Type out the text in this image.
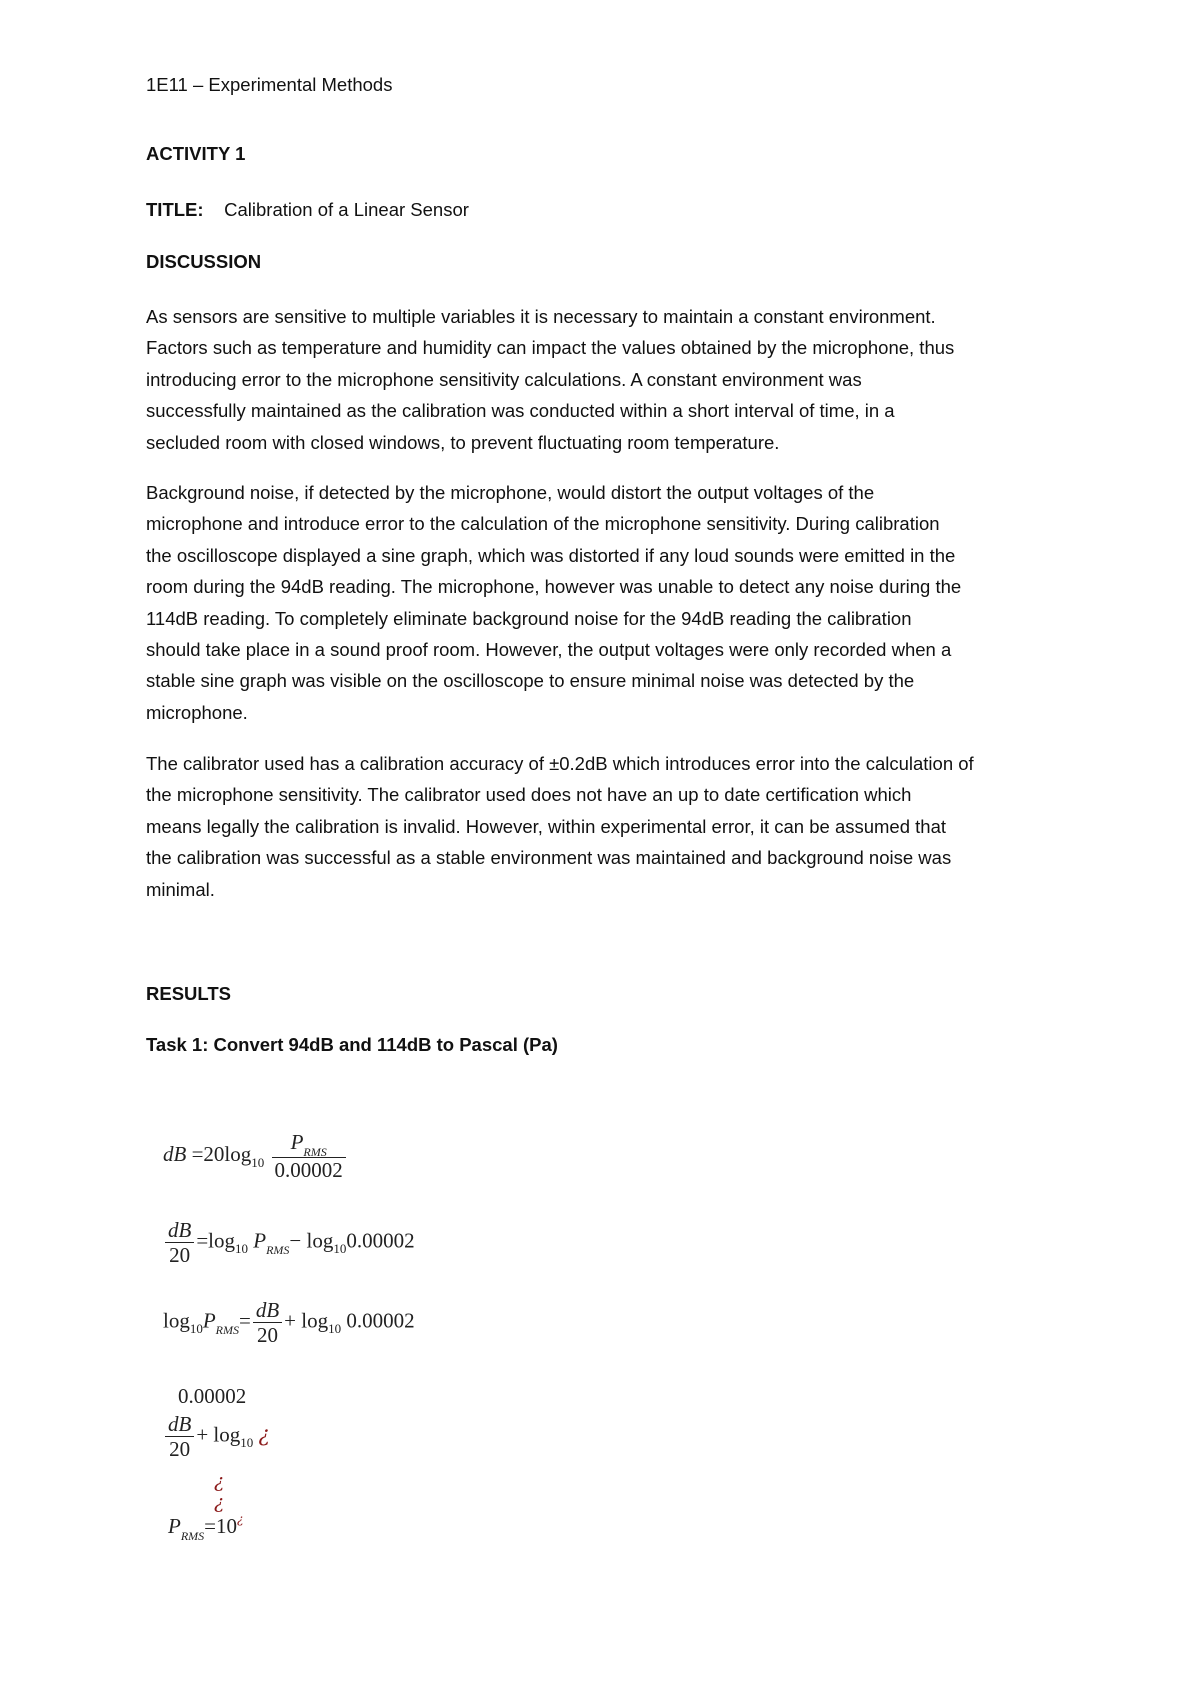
1E11 – Experimental Methods
ACTIVITY 1
TITLE: Calibration of a Linear Sensor
DISCUSSION
As sensors are sensitive to multiple variables it is necessary to maintain a constant environment.
Factors such as temperature and humidity can impact the values obtained by the microphone, thus
introducing error to the microphone sensitivity calculations. A constant environment was
successfully maintained as the calibration was conducted within a short interval of time, in a
secluded room with closed windows, to prevent fluctuating room temperature.
Background noise, if detected by the microphone, would distort the output voltages of the
microphone and introduce error to the calculation of the microphone sensitivity. During calibration
the oscilloscope displayed a sine graph, which was distorted if any loud sounds were emitted in the
room during the 94dB reading. The microphone, however was unable to detect any noise during the
114dB reading. To completely eliminate background noise for the 94dB reading the calibration
should take place in a sound proof room. However, the output voltages were only recorded when a
stable sine graph was visible on the oscilloscope to ensure minimal noise was detected by the
microphone.
The calibrator used has a calibration accuracy of ±0.2dB which introduces error into the calculation of
the microphone sensitivity. The calibrator used does not have an up to date certification which
means legally the calibration is invalid. However, within experimental error, it can be assumed that
the calibration was successful as a stable environment was maintained and background noise was
minimal.
RESULTS
Task 1: Convert 94dB and 114dB to Pascal (Pa)
dB $=20\log_{10} \frac{P_{RMS}}{0.00002}$
$\frac{dB}{20} =\log_{10}$ $P_{RMS}- \log_{10}0.00002$
$\log_{10}P_{RMS}= \frac{dB}{20} + \log_{10} 0.00002$
0.00002
$\frac{dB}{20} + \log_{10}$ ¿
¿
¿
$P_{RMS}=10^¿$
